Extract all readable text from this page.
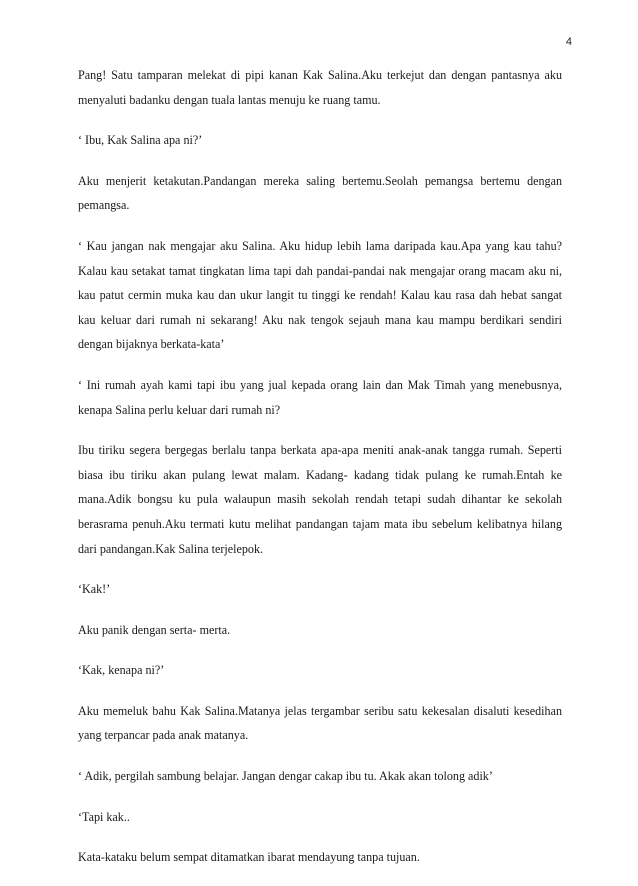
4

Pang! Satu tamparan melekat di pipi kanan Kak Salina.Aku terkejut dan dengan pantasnya aku menyaluti badanku dengan tuala lantas menuju ke ruang tamu.

‘ Ibu, Kak Salina apa ni?’

Aku menjerit ketakutan.Pandangan mereka saling bertemu.Seolah pemangsa bertemu dengan pemangsa.

‘ Kau jangan nak mengajar aku Salina. Aku hidup lebih lama daripada kau.Apa yang kau tahu? Kalau kau setakat tamat tingkatan lima tapi dah pandai-pandai nak mengajar orang macam aku ni, kau patut cermin muka kau dan ukur langit tu tinggi ke rendah! Kalau kau rasa dah hebat sangat kau keluar dari rumah ni sekarang! Aku nak tengok sejauh mana kau mampu berdikari sendiri dengan bijaknya berkata-kata’

‘ Ini rumah ayah kami tapi ibu yang jual kepada orang lain dan Mak Timah yang menebusnya, kenapa Salina perlu keluar dari rumah ni?

Ibu tiriku segera bergegas berlalu tanpa berkata apa-apa meniti anak-anak tangga rumah. Seperti biasa ibu tiriku akan pulang lewat malam. Kadang- kadang tidak pulang ke rumah.Entah ke mana.Adik bongsu ku pula walaupun masih sekolah rendah tetapi sudah dihantar ke sekolah berasrama penuh.Aku termati kutu melihat pandangan tajam mata ibu sebelum kelibatnya hilang dari pandangan.Kak Salina terjelepok.

‘Kak!’

Aku panik dengan serta- merta.

‘Kak, kenapa ni?’

Aku memeluk bahu Kak Salina.Matanya jelas tergambar seribu satu kekesalan disaluti kesedihan yang terpancar pada anak matanya.

‘ Adik, pergilah sambung belajar. Jangan dengar cakap ibu tu. Akak akan tolong adik’

‘Tapi kak..

Kata-kataku belum sempat ditamatkan ibarat mendayung tanpa tujuan.
